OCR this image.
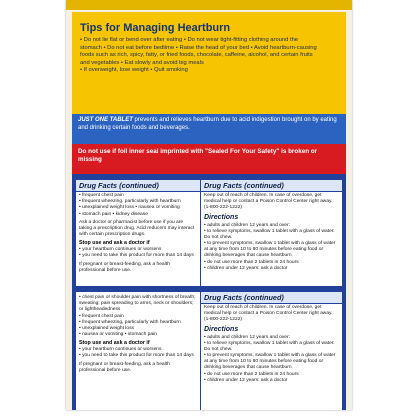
Tips for Managing Heartburn
• Do not lie flat or bend over after eating • Do not wear tight-fitting clothing around the
stomach • Do not eat before bedtime • Raise the head of your bed • Avoid heartburn-causing
foods such as rich, spicy, fatty, or fried foods, chocolate, caffeine, alcohol, and certain fruits
and vegetables • Eat slowly and avoid big meals
• If overweight, lose weight • Quit smoking

JUST ONE TABLET prevents and relieves heartburn due to acid indigestion brought on by eating and drinking certain foods and beverages.

Do not use if foil inner seal imprinted with "Sealed For Your Safety" is broken or missing

Drug Facts (continued)
• frequent chest pain
• frequent wheezing, particularly with heartburn
• unexplained weight loss • nausea or vomiting
• stomach pain • kidney disease
Ask a doctor or pharmacist before use if you are taking a prescription drug. Acid reducers may interact with certain prescription drugs.
Stop use and ask a doctor if
• your heartburn continues or worsens
• you need to take this product for more than 14 days
If pregnant or breast-feeding, ask a health professional before use.
Drug Facts (continued)
Keep out of reach of children. In case of overdose, get medical help or contact a Poison Control Center right away. (1-800-222-1222)
Directions
• adults and children 12 years and over:
• to relieve symptoms, swallow 1 tablet with a glass of water. Do not chew.
• to prevent symptoms, swallow 1 tablet with a glass of water at any time from 10 to 60 minutes before eating food or drinking beverages that cause heartburn
• do not use more than 2 tablets in 24 hours
• children under 12 years: ask a doctor
• chest pain or shoulder pain with shortness of breath; sweating; pain spreading to arms, neck or shoulders; or lightheadedness
• frequent chest pain
• frequent wheezing, particularly with heartburn
• unexplained weight loss
• nausea or vomiting • stomach pain
Stop use and ask a doctor if
• your heartburn continues or worsens
• you need to take this product for more than 14 days
If pregnant or breast-feeding, ask a health professional before use.
Drug Facts (continued)
Keep out of reach of children. In case of overdose, get medical help or contact a Poison Control Center right away. (1-800-222-1222)
Directions
• adults and children 12 years and over:
• to relieve symptoms, swallow 1 tablet with a glass of water. Do not chew.
• to prevent symptoms, swallow 1 tablet with a glass of water at any time from 10 to 60 minutes before eating food or drinking beverages that cause heartburn
• do not use more than 2 tablets in 24 hours
• children under 12 years: ask a doctor
